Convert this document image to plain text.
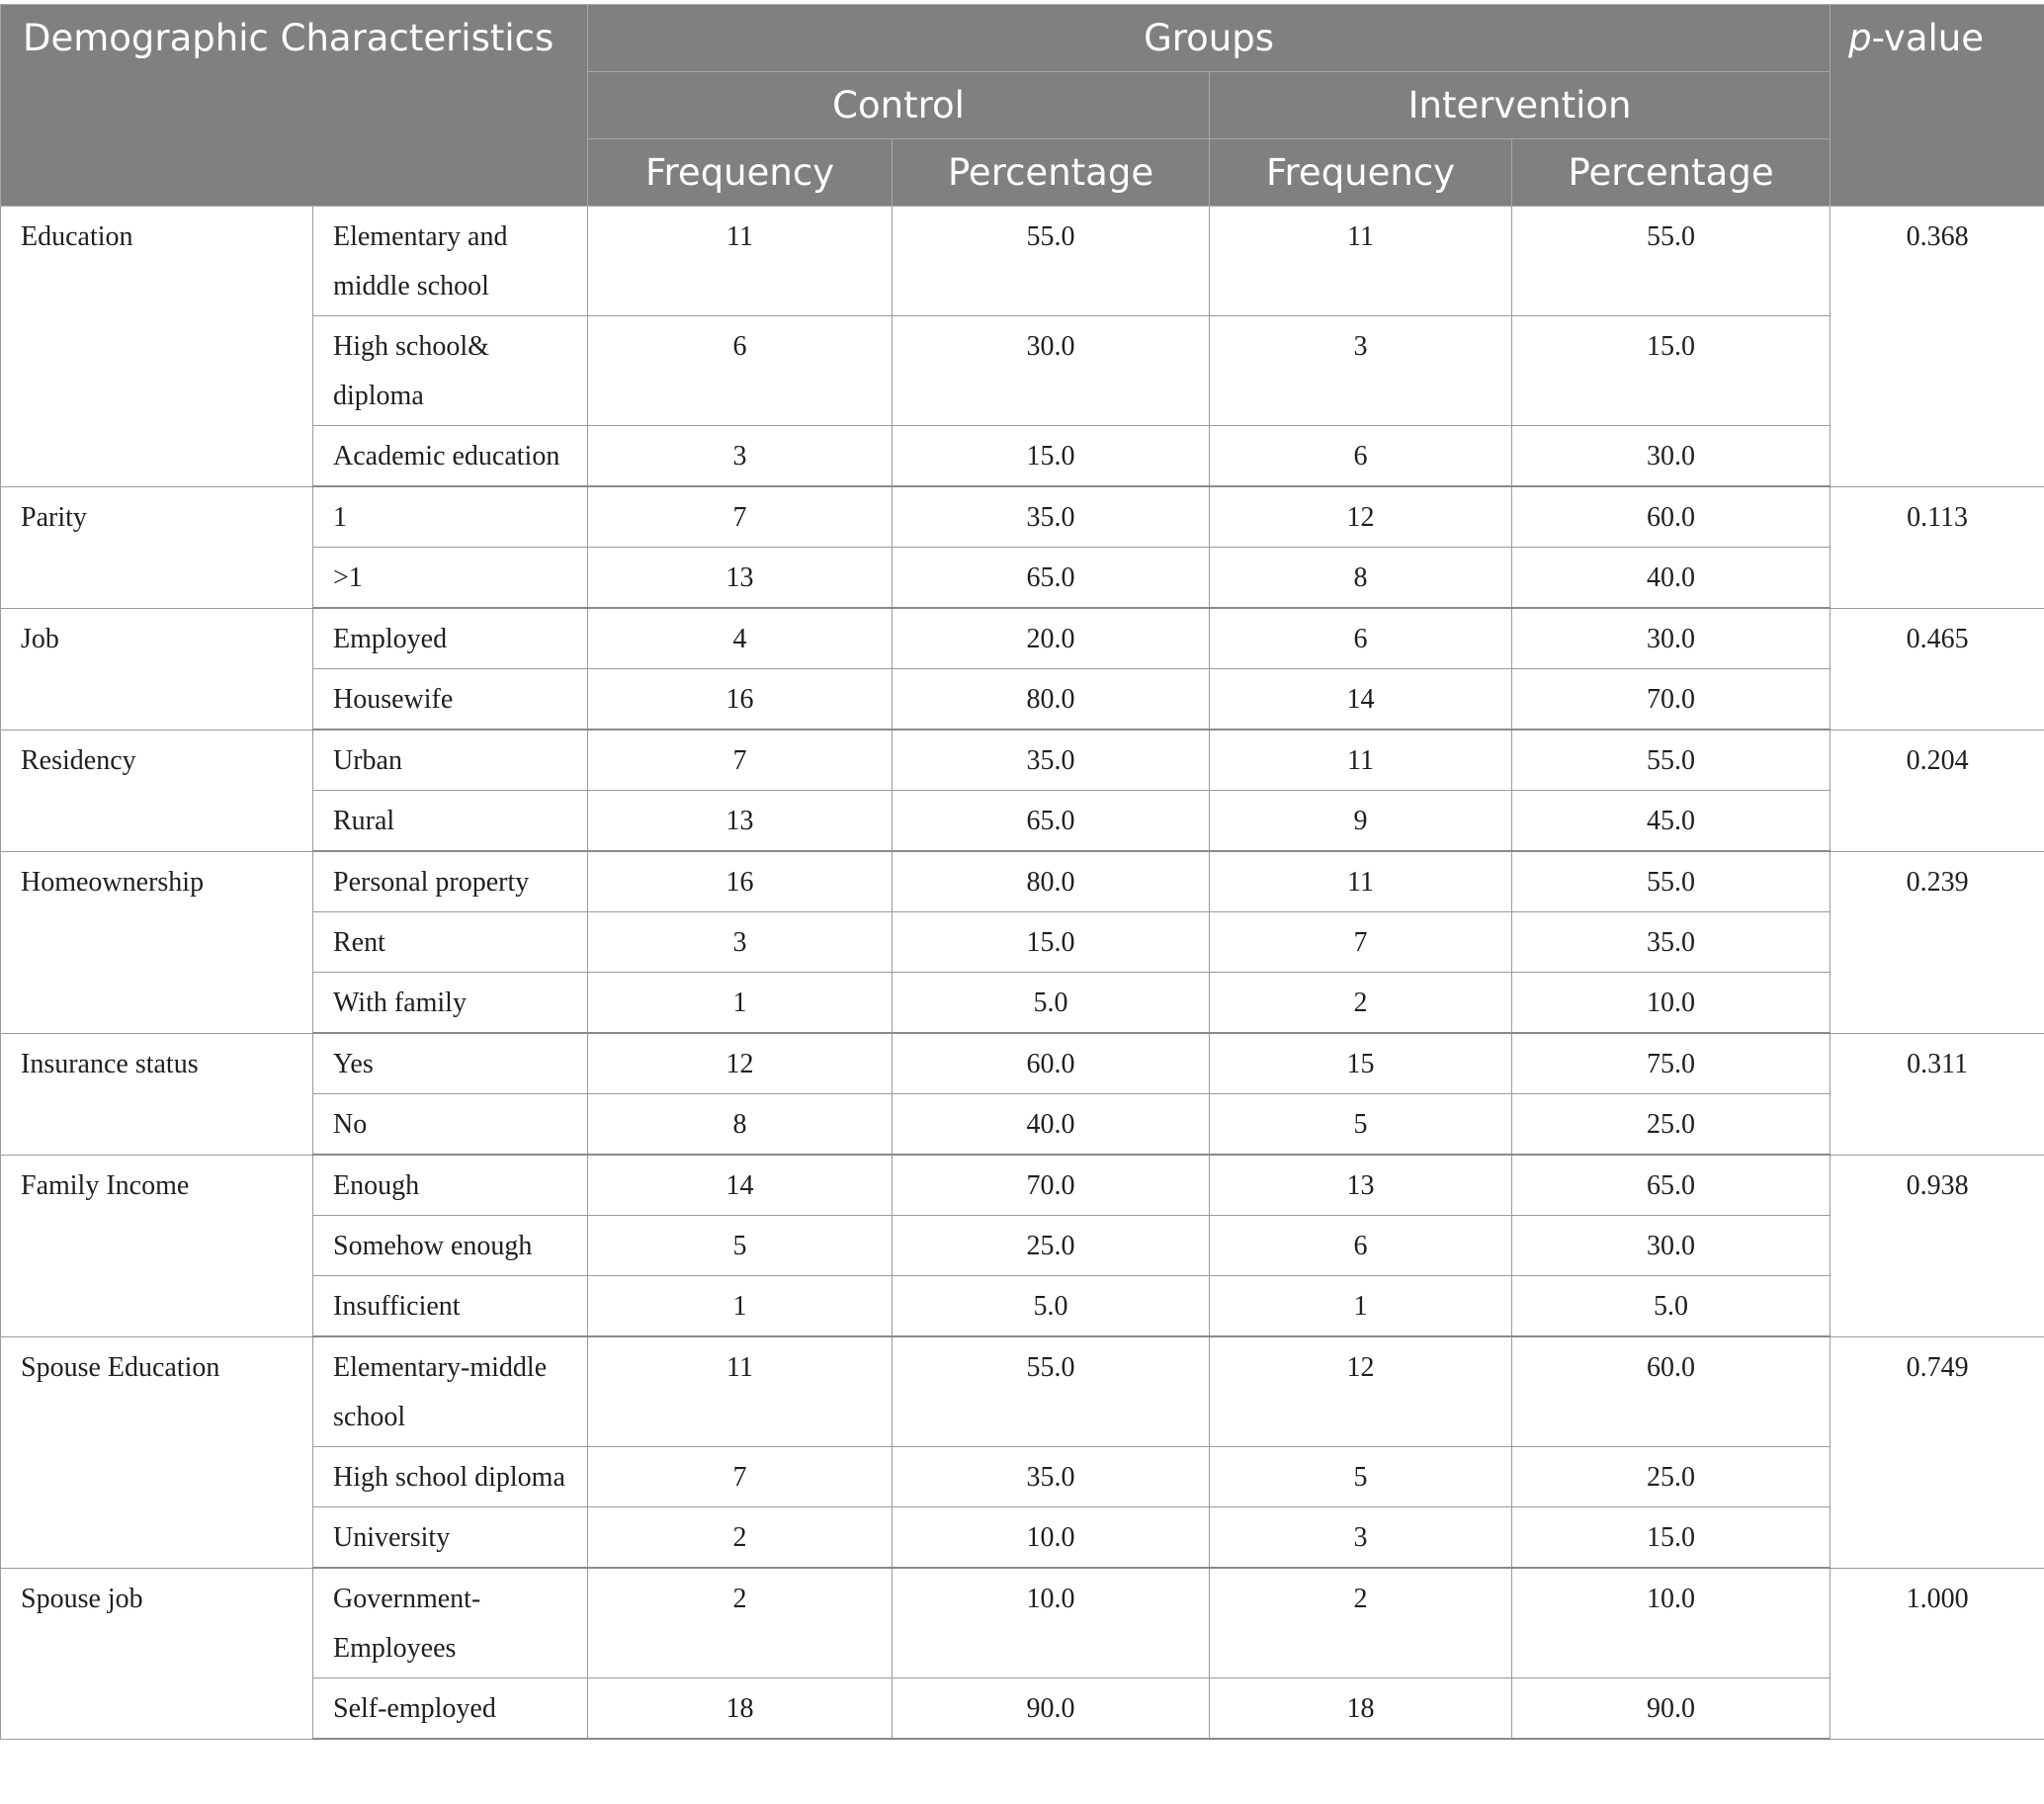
Demographic Characteristics		Groups				p-value
		Control		Intervention		
		Frequency	Percentage	Frequency	Percentage	
Education	Elementary and middle school	11	55.0	11	55.0	0.368
	High school& diploma	6	30.0	3	15.0	
	Academic education	3	15.0	6	30.0	
Parity	1	7	35.0	12	60.0	0.113
	>1	13	65.0	8	40.0	
Job	Employed	4	20.0	6	30.0	0.465
	Housewife	16	80.0	14	70.0	
Residency	Urban	7	35.0	11	55.0	0.204
	Rural	13	65.0	9	45.0	
Homeownership	Personal property	16	80.0	11	55.0	0.239
	Rent	3	15.0	7	35.0	
	With family	1	5.0	2	10.0	
Insurance status	Yes	12	60.0	15	75.0	0.311
	No	8	40.0	5	25.0	
Family Income	Enough	14	70.0	13	65.0	0.938
	Somehow enough	5	25.0	6	30.0	
	Insufficient	1	5.0	1	5.0	
Spouse Education	Elementary-middle school	11	55.0	12	60.0	0.749
	High school diploma	7	35.0	5	25.0	
	University	2	10.0	3	15.0	
Spouse job	Government-Employees	2	10.0	2	10.0	1.000
	Self-employed	18	90.0	18	90.0	
